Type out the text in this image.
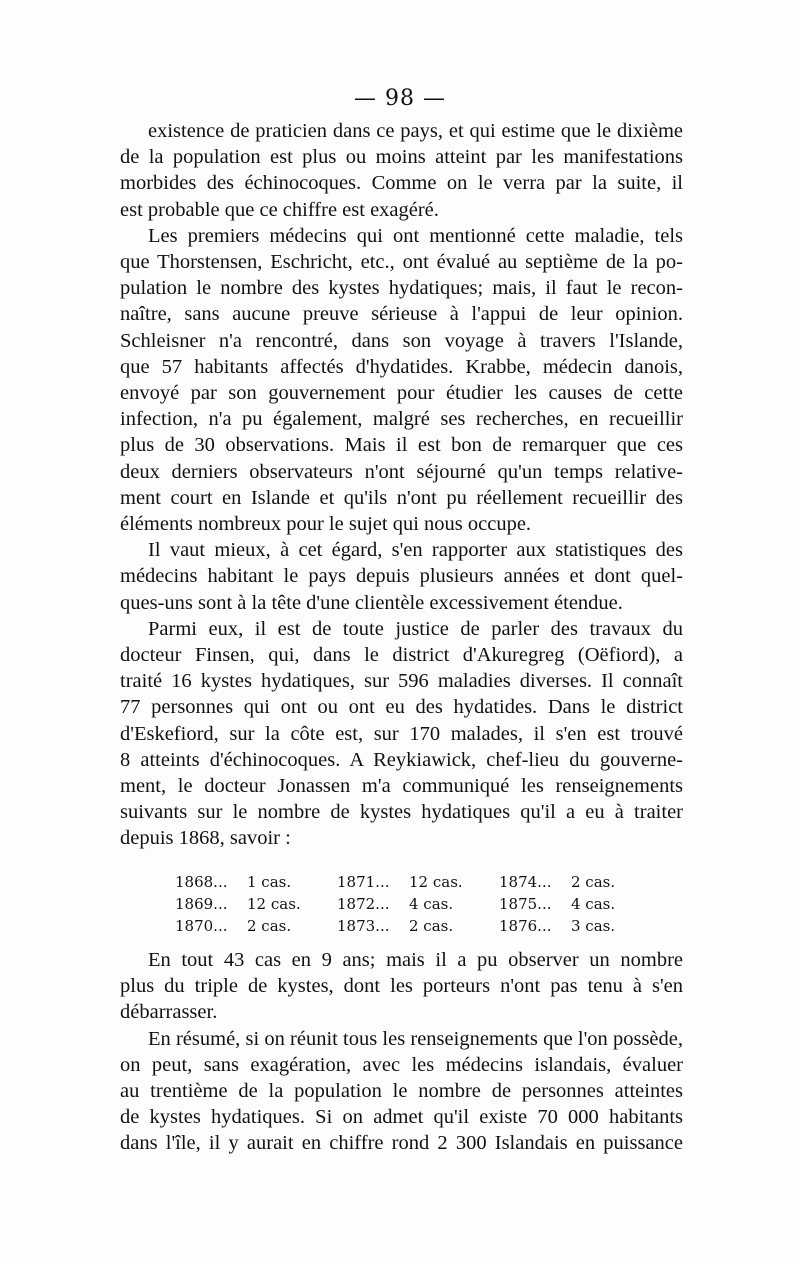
— 98 —
existence de praticien dans ce pays, et qui estime que le dixième
de la population est plus ou moins atteint par les manifestations
morbides des échinocoques. Comme on le verra par la suite, il
est probable que ce chiffre est exagéré.
Les premiers médecins qui ont mentionné cette maladie, tels
que Thorstensen, Eschricht, etc., ont évalué au septième de la po-
pulation le nombre des kystes hydatiques; mais, il faut le recon-
naître, sans aucune preuve sérieuse à l'appui de leur opinion.
Schleisner n'a rencontré, dans son voyage à travers l'Islande,
que 57 habitants affectés d'hydatides. Krabbe, médecin danois,
envoyé par son gouvernement pour étudier les causes de cette
infection, n'a pu également, malgré ses recherches, en recueillir
plus de 30 observations. Mais il est bon de remarquer que ces
deux derniers observateurs n'ont séjourné qu'un temps relative-
ment court en Islande et qu'ils n'ont pu réellement recueillir des
éléments nombreux pour le sujet qui nous occupe.
Il vaut mieux, à cet égard, s'en rapporter aux statistiques des
médecins habitant le pays depuis plusieurs années et dont quel-
ques-uns sont à la tête d'une clientèle excessivement étendue.
Parmi eux, il est de toute justice de parler des travaux du
docteur Finsen, qui, dans le district d'Akuregreg (Oëfiord), a
traité 16 kystes hydatiques, sur 596 maladies diverses. Il connaît
77 personnes qui ont ou ont eu des hydatides. Dans le district
d'Eskefiord, sur la côte est, sur 170 malades, il s'en est trouvé
8 atteints d'échinocoques. A Reykiawick, chef-lieu du gouverne-
ment, le docteur Jonassen m'a communiqué les renseignements
suivants sur le nombre de kystes hydatiques qu'il a eu à traiter
depuis 1868, savoir :
1868...	1 cas.	1871...	12 cas.	1874...	2 cas.
1869...	12 cas.	1872...	4 cas.	1875...	4 cas.
1870...	2 cas.	1873...	2 cas.	1876...	3 cas.
En tout 43 cas en 9 ans; mais il a pu observer un nombre
plus du triple de kystes, dont les porteurs n'ont pas tenu à s'en
débarrasser.
En résumé, si on réunit tous les renseignements que l'on possède,
on peut, sans exagération, avec les médecins islandais, évaluer
au trentième de la population le nombre de personnes atteintes
de kystes hydatiques. Si on admet qu'il existe 70 000 habitants
dans l'île, il y aurait en chiffre rond 2 300 Islandais en puissance
